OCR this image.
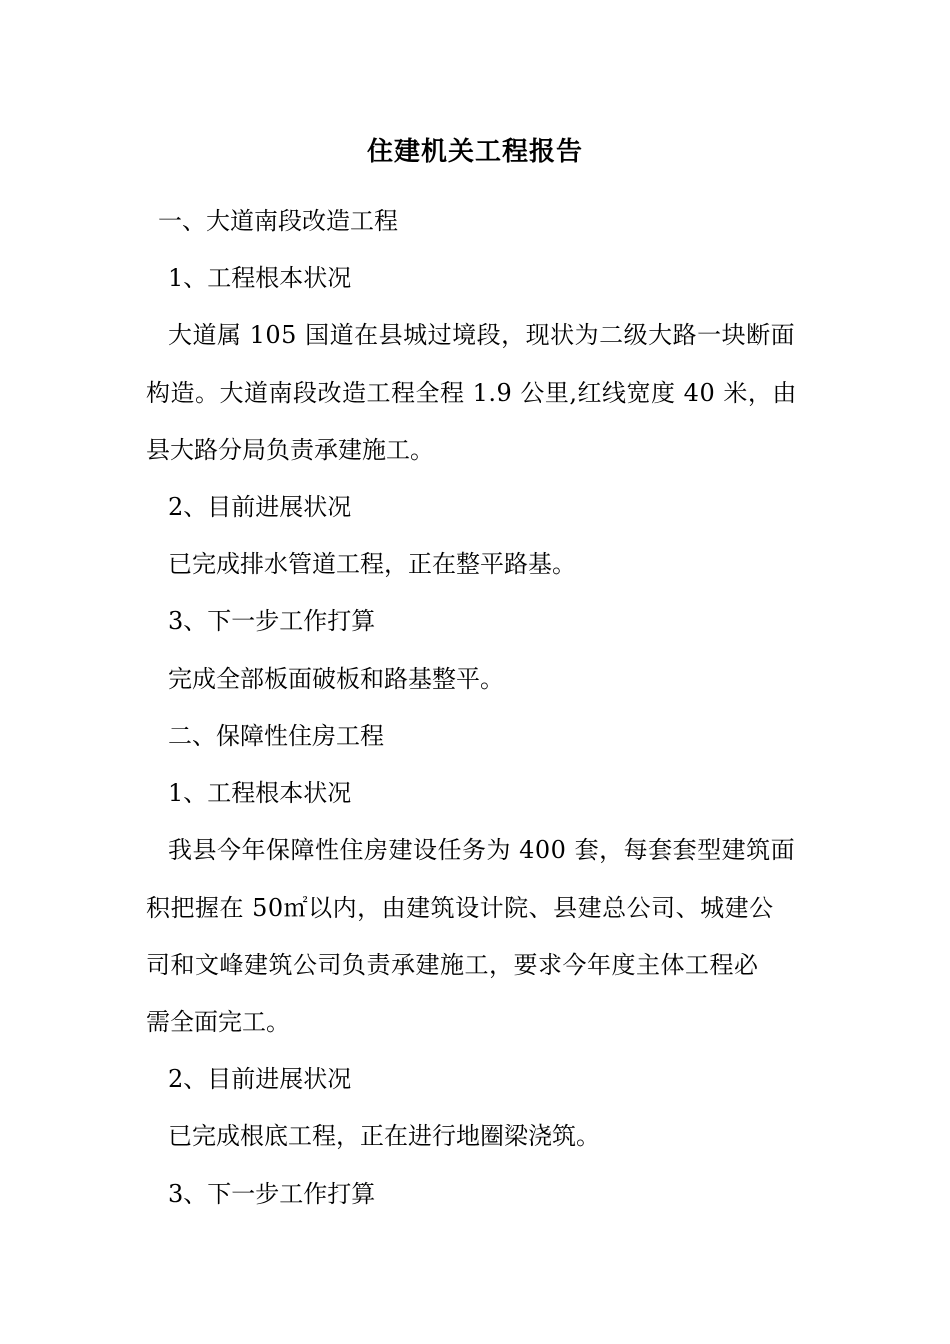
住建机关工程报告
一、大道南段改造工程
1、工程根本状况
大道属 105 国道在县城过境段，现状为二级大路一块断面
构造。大道南段改造工程全程 1.9 公里,红线宽度 40 米，由
县大路分局负责承建施工。
2、目前进展状况
已完成排水管道工程，正在整平路基。
3、下一步工作打算
完成全部板面破板和路基整平。
二、保障性住房工程
1、工程根本状况
我县今年保障性住房建设任务为 400 套，每套套型建筑面
积把握在 50㎡以内，由建筑设计院、县建总公司、城建公
司和文峰建筑公司负责承建施工，要求今年度主体工程必
需全面完工。
2、目前进展状况
已完成根底工程，正在进行地圈梁浇筑。
3、下一步工作打算
